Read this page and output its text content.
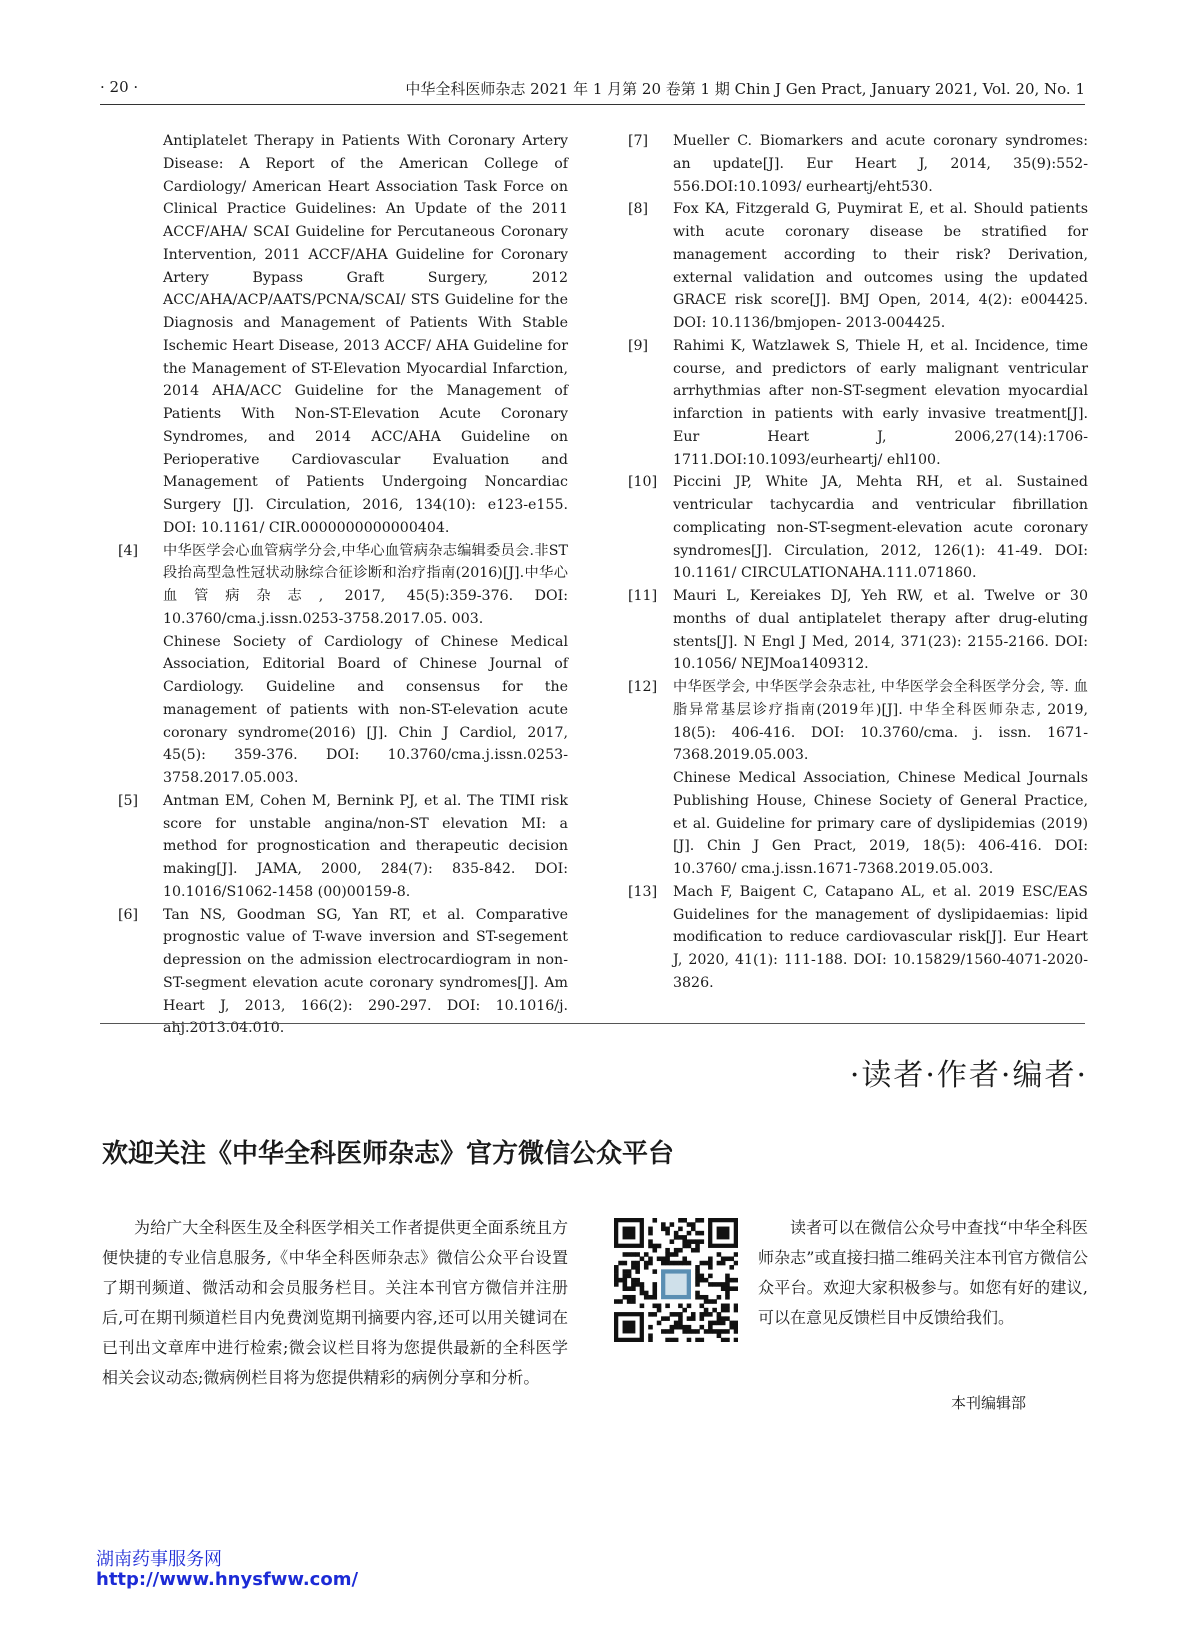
· 20 ·	中华全科医师杂志 2021 年 1 月第 20 卷第 1 期 Chin J Gen Pract, January 2021, Vol. 20, No. 1
Antiplatelet Therapy in Patients With Coronary Artery Disease: A Report of the American College of Cardiology/ American Heart Association Task Force on Clinical Practice Guidelines: An Update of the 2011 ACCF/AHA/ SCAI Guideline for Percutaneous Coronary Intervention, 2011 ACCF/AHA Guideline for Coronary Artery Bypass Graft Surgery, 2012 ACC/AHA/ACP/AATS/PCNA/SCAI/ STS Guideline for the Diagnosis and Management of Patients With Stable Ischemic Heart Disease, 2013 ACCF/ AHA Guideline for the Management of ST-Elevation Myocardial Infarction, 2014 AHA/ACC Guideline for the Management of Patients With Non-ST-Elevation Acute Coronary Syndromes, and 2014 ACC/AHA Guideline on Perioperative Cardiovascular Evaluation and Management of Patients Undergoing Noncardiac Surgery [J]. Circulation, 2016, 134(10): e123-e155. DOI: 10.1161/ CIR.0000000000000404.
[4] 中华医学会心血管病学分会,中华心血管病杂志编辑委员会.非ST段抬高型急性冠状动脉综合征诊断和治疗指南(2016)[J].中华心血管病杂志, 2017, 45(5):359-376. DOI: 10.3760/cma.j.issn.0253-3758.2017.05. 003.
Chinese Society of Cardiology of Chinese Medical Association, Editorial Board of Chinese Journal of Cardiology. Guideline and consensus for the management of patients with non-ST-elevation acute coronary syndrome(2016) [J]. Chin J Cardiol, 2017, 45(5): 359-376. DOI: 10.3760/cma.j.issn.0253-3758.2017.05.003.
[5] Antman EM, Cohen M, Bernink PJ, et al. The TIMI risk score for unstable angina/non-ST elevation MI: a method for prognostication and therapeutic decision making[J]. JAMA, 2000, 284(7): 835-842. DOI: 10.1016/S1062-1458 (00)00159-8.
[6] Tan NS, Goodman SG, Yan RT, et al. Comparative prognostic value of T-wave inversion and ST-segement depression on the admission electrocardiogram in non-ST-segment elevation acute coronary syndromes[J]. Am Heart J, 2013, 166(2): 290-297. DOI: 10.1016/j. ahj.2013.04.010.
[7] Mueller C. Biomarkers and acute coronary syndromes: an update[J]. Eur Heart J, 2014, 35(9):552-556.DOI:10.1093/ eurheartj/eht530.
[8] Fox KA, Fitzgerald G, Puymirat E, et al. Should patients with acute coronary disease be stratified for management according to their risk? Derivation, external validation and outcomes using the updated GRACE risk score[J]. BMJ Open, 2014, 4(2): e004425. DOI: 10.1136/bmjopen- 2013-004425.
[9] Rahimi K, Watzlawek S, Thiele H, et al. Incidence, time course, and predictors of early malignant ventricular arrhythmias after non-ST-segment elevation myocardial infarction in patients with early invasive treatment[J]. Eur Heart J, 2006,27(14):1706-1711.DOI:10.1093/eurheartj/ ehl100.
[10] Piccini JP, White JA, Mehta RH, et al. Sustained ventricular tachycardia and ventricular fibrillation complicating non-ST-segment-elevation acute coronary syndromes[J]. Circulation, 2012, 126(1): 41-49. DOI: 10.1161/ CIRCULATIONAHA.111.071860.
[11] Mauri L, Kereiakes DJ, Yeh RW, et al. Twelve or 30 months of dual antiplatelet therapy after drug-eluting stents[J]. N Engl J Med, 2014, 371(23): 2155-2166. DOI: 10.1056/ NEJMoa1409312.
[12] 中华医学会, 中华医学会杂志社, 中华医学会全科医学分会, 等. 血脂异常基层诊疗指南(2019年)[J]. 中华全科医师杂志, 2019, 18(5): 406-416. DOI: 10.3760/cma. j. issn. 1671-7368.2019.05.003.
Chinese Medical Association, Chinese Medical Journals Publishing House, Chinese Society of General Practice, et al. Guideline for primary care of dyslipidemias (2019) [J]. Chin J Gen Pract, 2019, 18(5): 406-416. DOI: 10.3760/ cma.j.issn.1671-7368.2019.05.003.
[13] Mach F, Baigent C, Catapano AL, et al. 2019 ESC/EAS Guidelines for the management of dyslipidaemias: lipid modification to reduce cardiovascular risk[J]. Eur Heart J, 2020, 41(1): 111-188. DOI: 10.15829/1560-4071-2020-3826.
·读者·作者·编者·
欢迎关注《中华全科医师杂志》官方微信公众平台

为给广大全科医生及全科医学相关工作者提供更全面系统且方便快捷的专业信息服务,《中华全科医师杂志》微信公众平台设置了期刊频道、微活动和会员服务栏目。关注本刊官方微信并注册后,可在期刊频道栏目内免费浏览期刊摘要内容,还可以用关键词在已刊出文章库中进行检索;微会议栏目将为您提供最新的全科医学相关会议动态;微病例栏目将为您提供精彩的病例分享和分析。

读者可以在微信公众号中查找“中华全科医师杂志”或直接扫描二维码关注本刊官方微信公众平台。欢迎大家积极参与。如您有好的建议,可以在意见反馈栏目中反馈给我们。

本刊编辑部
湖南药事服务网
http://www.hnysfww.com/
